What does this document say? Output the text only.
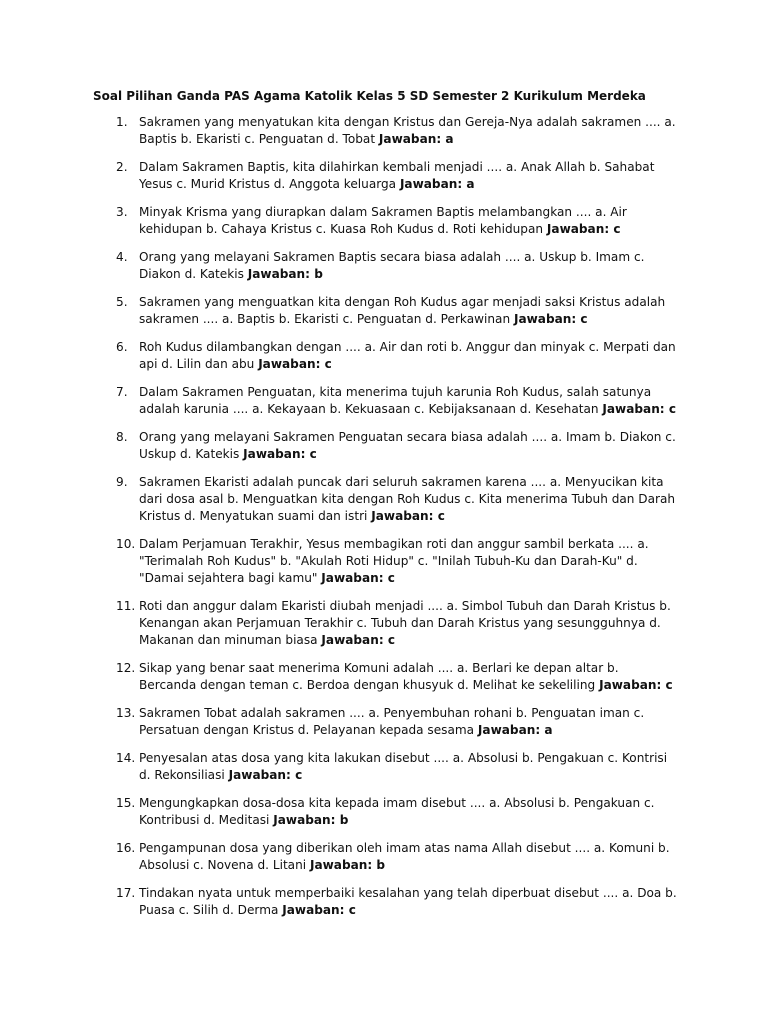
Soal Pilihan Ganda PAS Agama Katolik Kelas 5 SD Semester 2 Kurikulum Merdeka
1. Sakramen yang menyatukan kita dengan Kristus dan Gereja-Nya adalah sakramen .... a. Baptis b. Ekaristi c. Penguatan d. Tobat Jawaban: a
2. Dalam Sakramen Baptis, kita dilahirkan kembali menjadi .... a. Anak Allah b. Sahabat Yesus c. Murid Kristus d. Anggota keluarga Jawaban: a
3. Minyak Krisma yang diurapkan dalam Sakramen Baptis melambangkan .... a. Air kehidupan b. Cahaya Kristus c. Kuasa Roh Kudus d. Roti kehidupan Jawaban: c
4. Orang yang melayani Sakramen Baptis secara biasa adalah .... a. Uskup b. Imam c. Diakon d. Katekis Jawaban: b
5. Sakramen yang menguatkan kita dengan Roh Kudus agar menjadi saksi Kristus adalah sakramen .... a. Baptis b. Ekaristi c. Penguatan d. Perkawinan Jawaban: c
6. Roh Kudus dilambangkan dengan .... a. Air dan roti b. Anggur dan minyak c. Merpati dan api d. Lilin dan abu Jawaban: c
7. Dalam Sakramen Penguatan, kita menerima tujuh karunia Roh Kudus, salah satunya adalah karunia .... a. Kekayaan b. Kekuasaan c. Kebijaksanaan d. Kesehatan Jawaban: c
8. Orang yang melayani Sakramen Penguatan secara biasa adalah .... a. Imam b. Diakon c. Uskup d. Katekis Jawaban: c
9. Sakramen Ekaristi adalah puncak dari seluruh sakramen karena .... a. Menyucikan kita dari dosa asal b. Menguatkan kita dengan Roh Kudus c. Kita menerima Tubuh dan Darah Kristus d. Menyatukan suami dan istri Jawaban: c
10. Dalam Perjamuan Terakhir, Yesus membagikan roti dan anggur sambil berkata .... a. "Terimalah Roh Kudus" b. "Akulah Roti Hidup" c. "Inilah Tubuh-Ku dan Darah-Ku" d. "Damai sejahtera bagi kamu" Jawaban: c
11. Roti dan anggur dalam Ekaristi diubah menjadi .... a. Simbol Tubuh dan Darah Kristus b. Kenangan akan Perjamuan Terakhir c. Tubuh dan Darah Kristus yang sesungguhnya d. Makanan dan minuman biasa Jawaban: c
12. Sikap yang benar saat menerima Komuni adalah .... a. Berlari ke depan altar b. Bercanda dengan teman c. Berdoa dengan khusyuk d. Melihat ke sekeliling Jawaban: c
13. Sakramen Tobat adalah sakramen .... a. Penyembuhan rohani b. Penguatan iman c. Persatuan dengan Kristus d. Pelayanan kepada sesama Jawaban: a
14. Penyesalan atas dosa yang kita lakukan disebut .... a. Absolusi b. Pengakuan c. Kontrisi d. Rekonsiliasi Jawaban: c
15. Mengungkapkan dosa-dosa kita kepada imam disebut .... a. Absolusi b. Pengakuan c. Kontribusi d. Meditasi Jawaban: b
16. Pengampunan dosa yang diberikan oleh imam atas nama Allah disebut .... a. Komuni b. Absolusi c. Novena d. Litani Jawaban: b
17. Tindakan nyata untuk memperbaiki kesalahan yang telah diperbuat disebut .... a. Doa b. Puasa c. Silih d. Derma Jawaban: c
